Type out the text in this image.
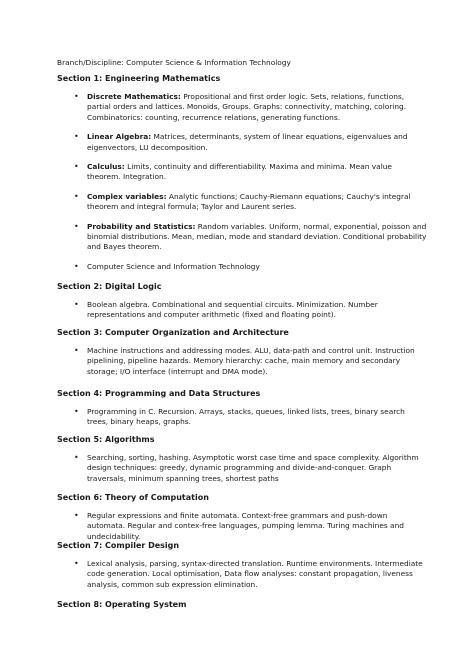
Branch/Discipline: Computer Science & Information Technology
Section 1: Engineering Mathematics
• Discrete Mathematics: Propositional and first order logic. Sets, relations, functions, partial orders and lattices. Monoids, Groups. Graphs: connectivity, matching, coloring. Combinatorics: counting, recurrence relations, generating functions.
• Linear Algebra: Matrices, determinants, system of linear equations, eigenvalues and eigenvectors, LU decomposition.
• Calculus: Limits, continuity and differentiability. Maxima and minima. Mean value theorem. Integration.
• Complex variables: Analytic functions; Cauchy-Riemann equations; Cauchy's integral theorem and integral formula; Taylor and Laurent series.
• Probability and Statistics: Random variables. Uniform, normal, exponential, poisson and binomial distributions. Mean, median, mode and standard deviation. Conditional probability and Bayes theorem.
• Computer Science and Information Technology
Section 2: Digital Logic
• Boolean algebra. Combinational and sequential circuits. Minimization. Number representations and computer arithmetic (fixed and floating point).
Section 3: Computer Organization and Architecture
• Machine instructions and addressing modes. ALU, data-path and control unit. Instruction pipelining, pipeline hazards. Memory hierarchy: cache, main memory and secondary storage; I/O interface (interrupt and DMA mode).
Section 4: Programming and Data Structures
• Programming in C. Recursion. Arrays, stacks, queues, linked lists, trees, binary search trees, binary heaps, graphs.
Section 5: Algorithms
• Searching, sorting, hashing. Asymptotic worst case time and space complexity. Algorithm design techniques: greedy, dynamic programming and divide-and-conquer. Graph traversals, minimum spanning trees, shortest paths
Section 6: Theory of Computation
• Regular expressions and finite automata. Context-free grammars and push-down automata. Regular and contex-free languages, pumping lemma. Turing machines and undecidability.
Section 7: Compiler Design
• Lexical analysis, parsing, syntax-directed translation. Runtime environments. Intermediate code generation. Local optimisation, Data flow analyses: constant propagation, liveness analysis, common sub expression elimination.
Section 8: Operating System
